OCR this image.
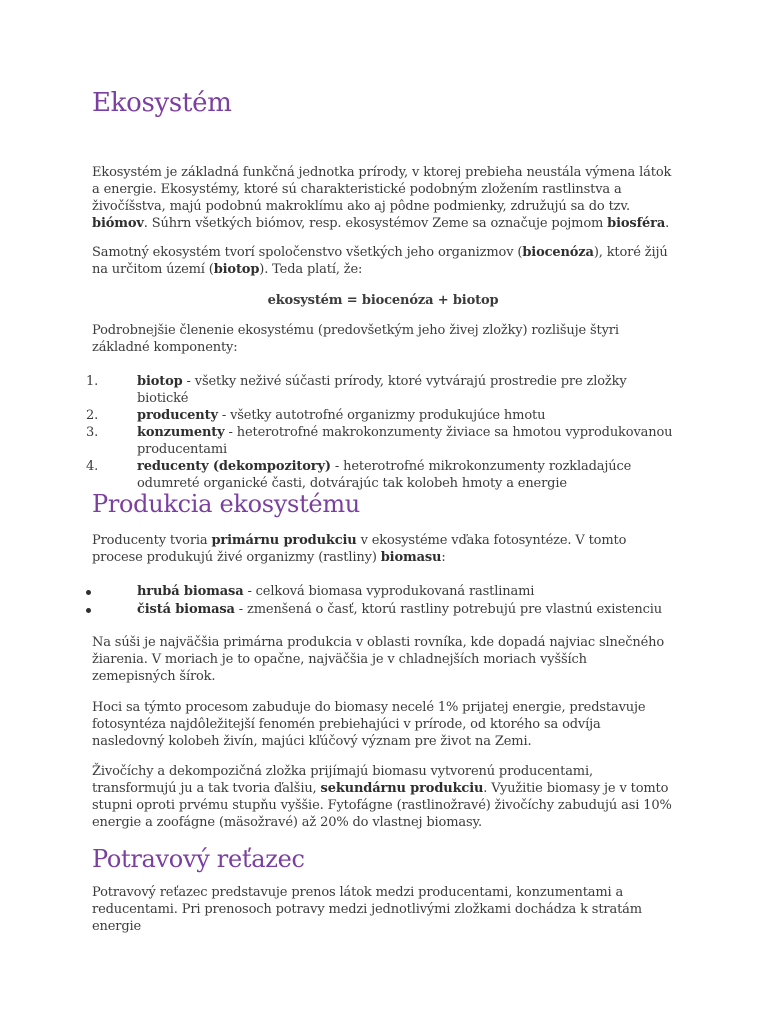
Ekosystém

Ekosystém je základná funkčná jednotka prírody, v ktorej prebieha neustála výmena látok a energie. Ekosystémy, ktoré sú charakteristické podobným zložením rastlinstva a živočíšstva, majú podobnú makroklímu ako aj pôdne podmienky, združujú sa do tzv. biómov. Súhrn všetkých biómov, resp. ekosystémov Zeme sa označuje pojmom biosféra.

Samotný ekosystém tvorí spoločenstvo všetkých jeho organizmov (biocenóza), ktoré žijú na určitom území (biotop). Teda platí, že:

ekosystém = biocenóza + biotop

Podrobnejšie členenie ekosystému (predovšetkým jeho živej zložky) rozlišuje štyri základné komponenty:

1.	biotop - všetky neživé súčasti prírody, ktoré vytvárajú prostredie pre zložky biotické
2.	producenty - všetky autotrofné organizmy produkujúce hmotu
3.	konzumenty - heterotrofné makrokonzumenty živiace sa hmotou vyprodukovanou producentami
4.	reducenty (dekompozitory) - heterotrofné mikrokonzumenty rozkladajúce odumreté organické časti, dotvárajúc tak kolobeh hmoty a energie
Produkcia ekosystému

Producenty tvoria primárnu produkciu v ekosystéme vďaka fotosyntéze. V tomto procese produkujú živé organizmy (rastliny) biomasu:

hrubá biomasa - celková biomasa vyprodukovaná rastlinami
čistá biomasa - zmenšená o časť, ktorú rastliny potrebujú pre vlastnú existenciu

Na súši je najväčšia primárna produkcia v oblasti rovníka, kde dopadá najviac slnečného žiarenia. V moriach je to opačne, najväčšia je v chladnejších moriach vyšších zemepisných šírok.

Hoci sa týmto procesom zabuduje do biomasy necelé 1% prijatej energie, predstavuje fotosyntéza najdôležitejší fenomén prebiehajúci v prírode, od ktorého sa odvíja nasledovný kolobeh živín, majúci kľúčový význam pre život na Zemi.

Živočíchy a dekompozičná zložka prijímajú biomasu vytvorenú producentami, transformujú ju a tak tvoria ďalšiu, sekundárnu produkciu. Využitie biomasy je v tomto stupni oproti prvému stupňu vyššie. Fytofágne (rastlinožravé) živočíchy zabudujú asi 10% energie a zoofágne (mäsožravé) až 20% do vlastnej biomasy.

Potravový reťazec

Potravový reťazec predstavuje prenos látok medzi producentami, konzumentami a reducentami. Pri prenosoch potravy medzi jednotlivými zložkami dochádza k stratám energie
